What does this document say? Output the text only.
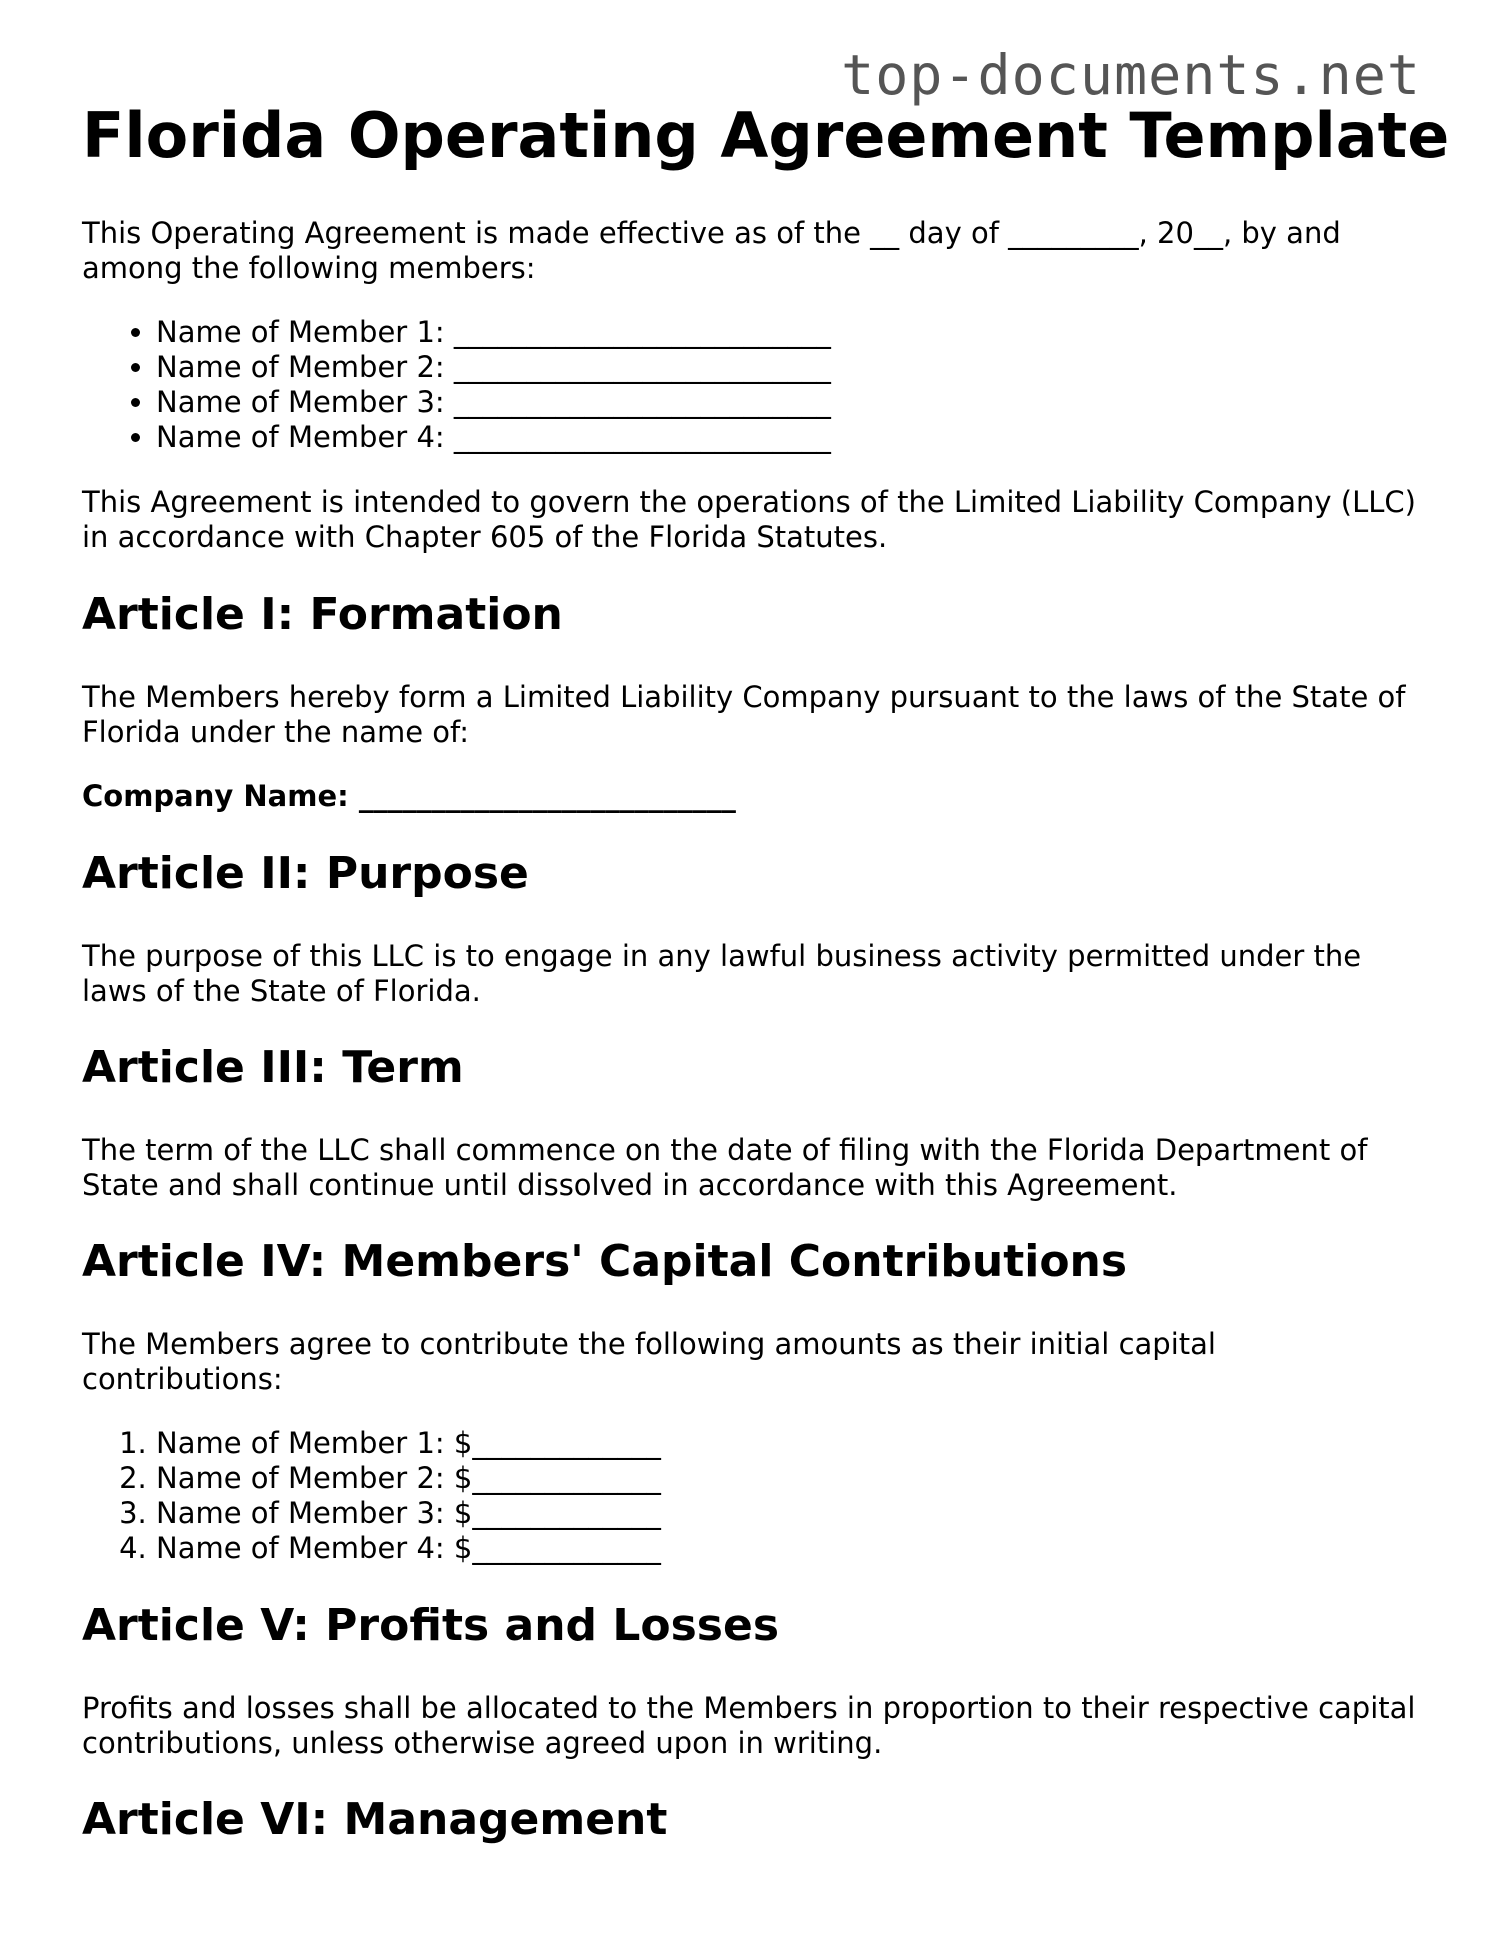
top-documents.net
Florida Operating Agreement Template

This Operating Agreement is made effective as of the __ day of _________, 20__, by and among the following members:

• Name of Member 1: __________________________
• Name of Member 2: __________________________
• Name of Member 3: __________________________
• Name of Member 4: __________________________

This Agreement is intended to govern the operations of the Limited Liability Company (LLC) in accordance with Chapter 605 of the Florida Statutes.

Article I: Formation

The Members hereby form a Limited Liability Company pursuant to the laws of the State of Florida under the name of:

Company Name: __________________________

Article II: Purpose

The purpose of this LLC is to engage in any lawful business activity permitted under the laws of the State of Florida.

Article III: Term

The term of the LLC shall commence on the date of filing with the Florida Department of State and shall continue until dissolved in accordance with this Agreement.

Article IV: Members' Capital Contributions

The Members agree to contribute the following amounts as their initial capital contributions:

1. Name of Member 1: $_____________
2. Name of Member 2: $_____________
3. Name of Member 3: $_____________
4. Name of Member 4: $_____________
Article V: Profits and Losses

Profits and losses shall be allocated to the Members in proportion to their respective capital contributions, unless otherwise agreed upon in writing.

Article VI: Management
